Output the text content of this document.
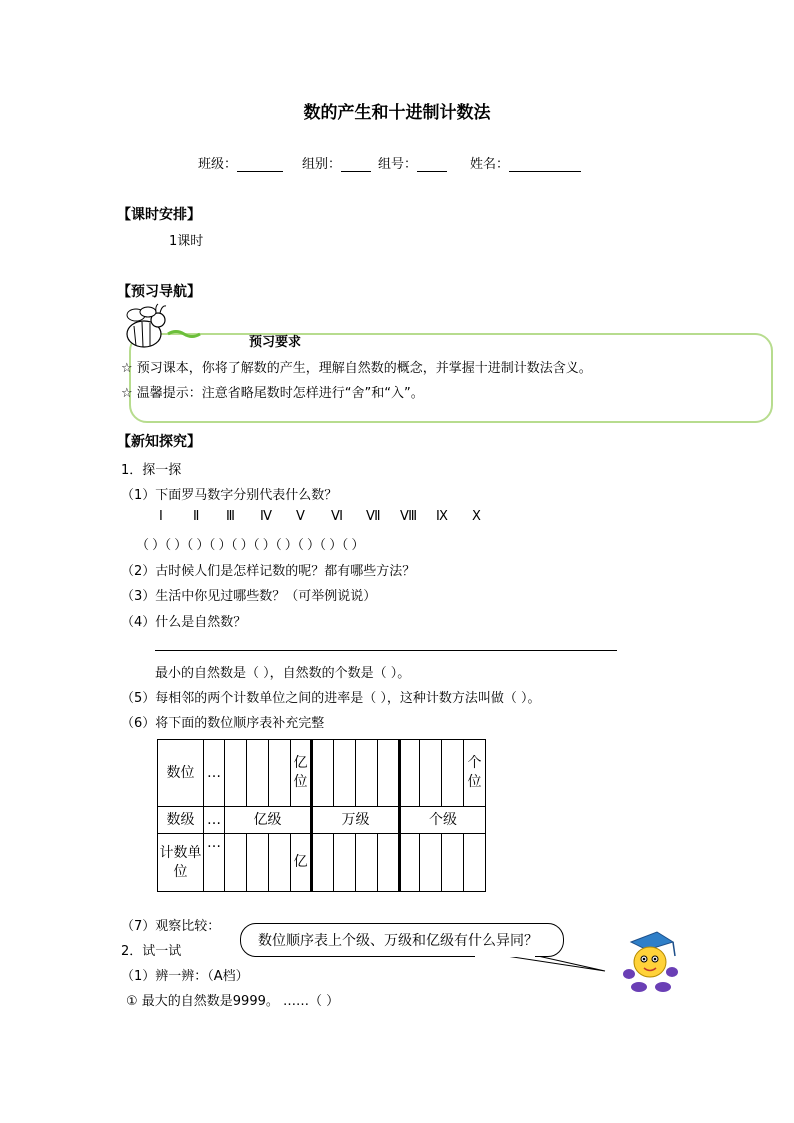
数的产生和十进制计数法
班级：	组别：	组号：	姓名：
【课时安排】
1课时
【预习导航】
预习要求
☆ 预习课本，你将了解数的产生，理解自然数的概念，并掌握十进制计数法含义。
☆ 温馨提示：注意省略尾数时怎样进行“舍”和“入”。
【新知探究】
1．探一探
（1）下面罗马数字分别代表什么数？
Ⅰ Ⅱ Ⅲ Ⅳ Ⅴ Ⅵ Ⅶ Ⅷ Ⅸ Ⅹ
（ ）（ ）（ ）（ ）（ ）（ ）（ ）（ ）（ ）（ ）
（2）古时候人们是怎样记数的呢？都有哪些方法？
（3）生活中你见过哪些数？（可举例说说）
（4）什么是自然数？
最小的自然数是（ ），自然数的个数是（ ）。
（5）每相邻的两个计数单位之间的进率是（ ），这种计数方法叫做（ ）。
（6）将下面的数位顺序表补充完整
数位	…				亿位								个位
数级	…	亿级				万级				个级			
计数单位	…				亿								
（7）观察比较：
数位顺序表上个级、万级和亿级有什么异同？
2．试一试
（1）辨一辨：（A档）
① 最大的自然数是9999。 ……（ ）
